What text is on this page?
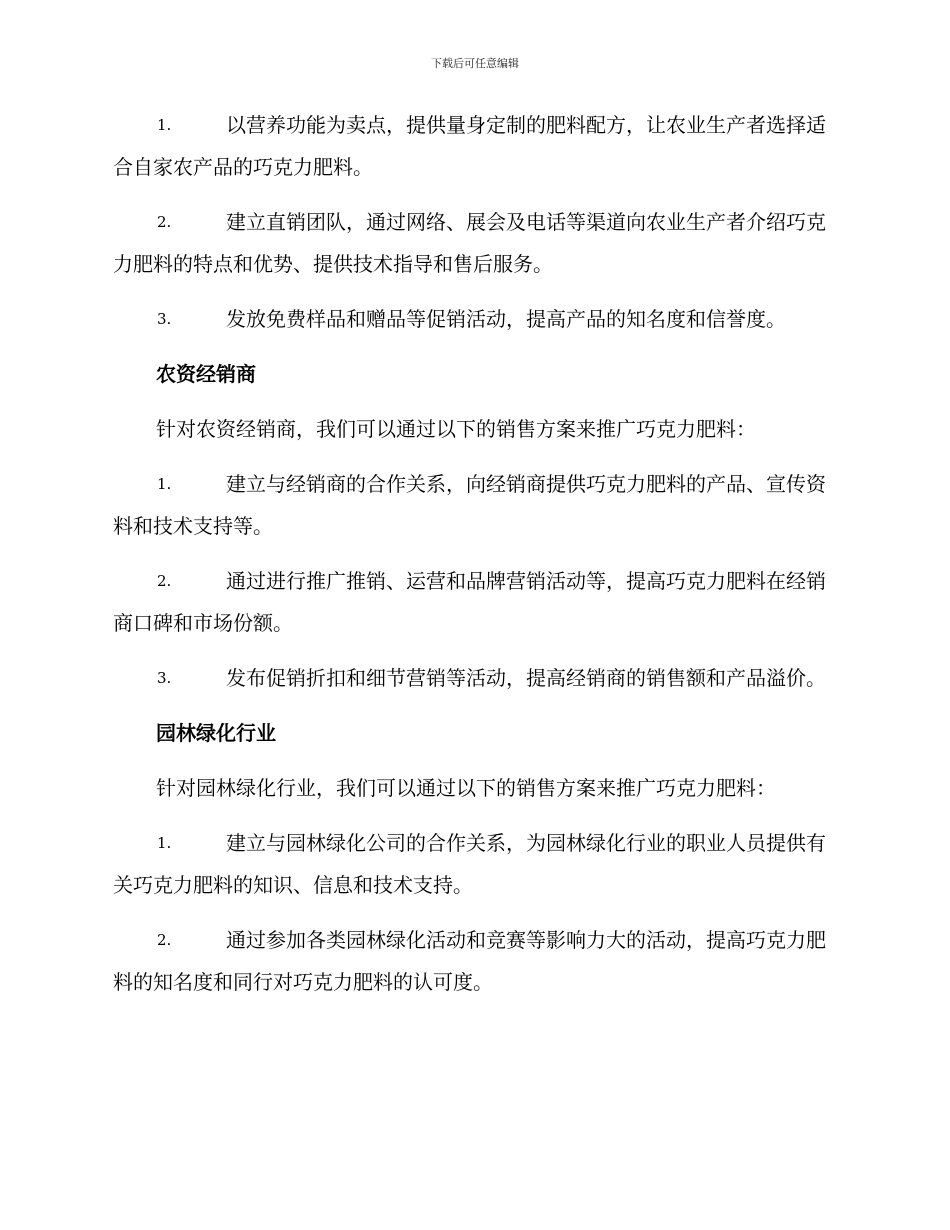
下载后可任意编辑
1.	以营养功能为卖点，提供量身定制的肥料配方，让农业生产者选择适合自家农产品的巧克力肥料。
2.	建立直销团队，通过网络、展会及电话等渠道向农业生产者介绍巧克力肥料的特点和优势、提供技术指导和售后服务。
3.	发放免费样品和赠品等促销活动，提高产品的知名度和信誉度。
农资经销商
针对农资经销商，我们可以通过以下的销售方案来推广巧克力肥料：
1.	建立与经销商的合作关系，向经销商提供巧克力肥料的产品、宣传资料和技术支持等。
2.	通过进行推广推销、运营和品牌营销活动等，提高巧克力肥料在经销商口碑和市场份额。
3.	发布促销折扣和细节营销等活动，提高经销商的销售额和产品溢价。
园林绿化行业
针对园林绿化行业，我们可以通过以下的销售方案来推广巧克力肥料：
1.	建立与园林绿化公司的合作关系，为园林绿化行业的职业人员提供有关巧克力肥料的知识、信息和技术支持。
2.	通过参加各类园林绿化活动和竞赛等影响力大的活动，提高巧克力肥料的知名度和同行对巧克力肥料的认可度。
